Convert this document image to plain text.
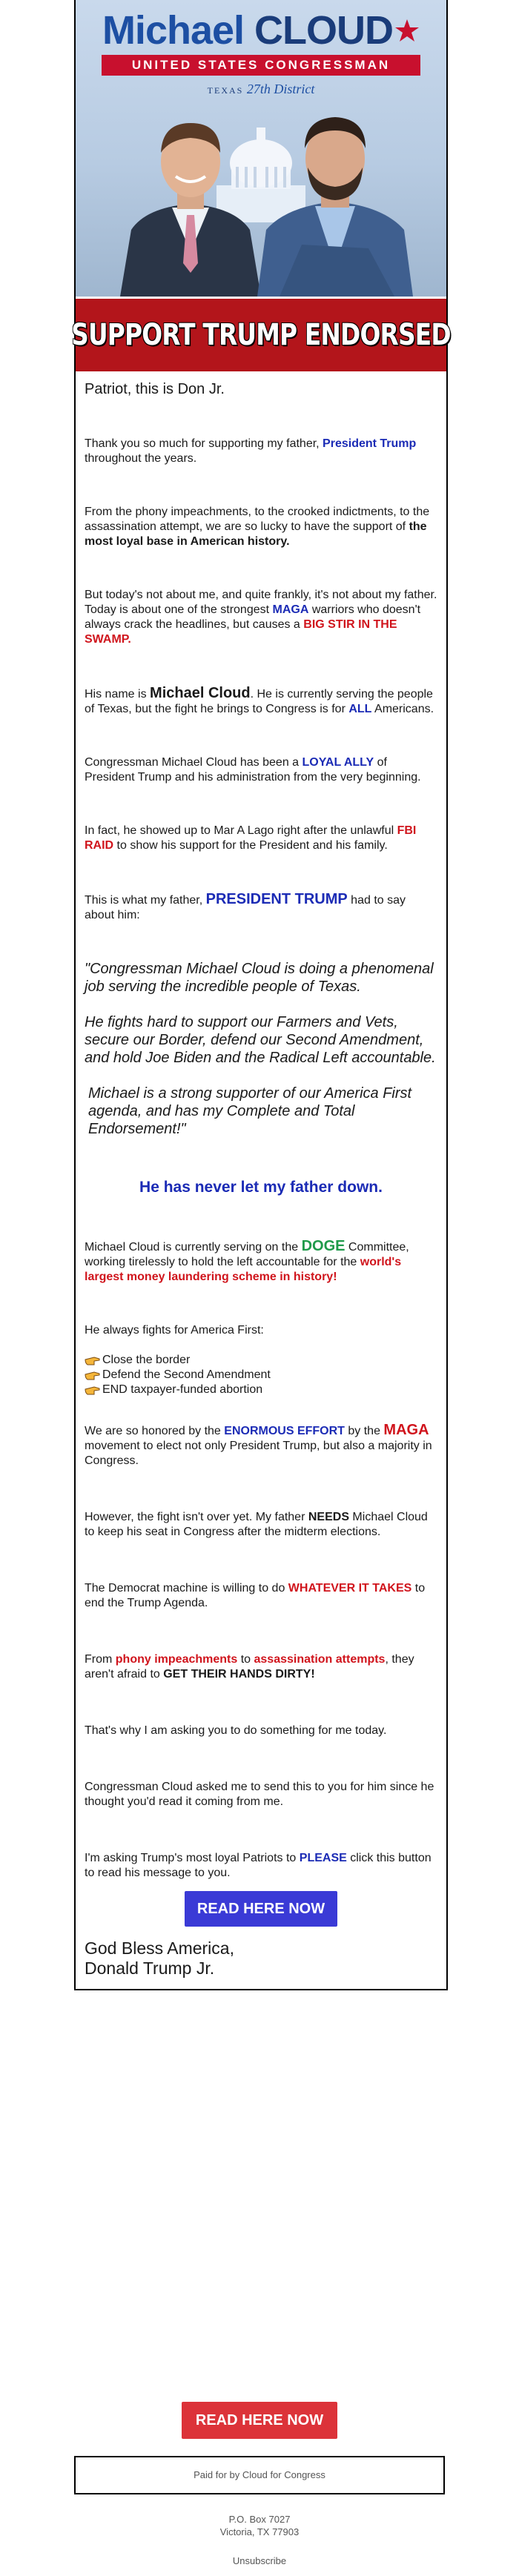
Michael CLOUD
UNITED STATES CONGRESSMAN
TEXAS 27th District
SUPPORT TRUMP ENDORSED

Patriot, this is Don Jr.

Thank you so much for supporting my father, President Trump throughout the years.

From the phony impeachments, to the crooked indictments, to the assassination attempt, we are so lucky to have the support of the most loyal base in American history.

But today's not about me, and quite frankly, it's not about my father. Today is about one of the strongest MAGA warriors who doesn't always crack the headlines, but causes a BIG STIR IN THE SWAMP.

His name is Michael Cloud. He is currently serving the people of Texas, but the fight he brings to Congress is for ALL Americans.

Congressman Michael Cloud has been a LOYAL ALLY of President Trump and his administration from the very beginning.

In fact, he showed up to Mar A Lago right after the unlawful FBI RAID to show his support for the President and his family.

This is what my father, PRESIDENT TRUMP had to say about him:

"Congressman Michael Cloud is doing a phenomenal job serving the incredible people of Texas.

He fights hard to support our Farmers and Vets, secure our Border, defend our Second Amendment, and hold Joe Biden and the Radical Left accountable.

Michael is a strong supporter of our America First agenda, and has my Complete and Total Endorsement!"

He has never let my father down.

Michael Cloud is currently serving on the DOGE Committee, working tirelessly to hold the left accountable for the world's largest money laundering scheme in history!

He always fights for America First:

Close the border
Defend the Second Amendment
END taxpayer-funded abortion

We are so honored by the ENORMOUS EFFORT by the MAGA movement to elect not only President Trump, but also a majority in Congress.

However, the fight isn't over yet. My father NEEDS Michael Cloud to keep his seat in Congress after the midterm elections.

The Democrat machine is willing to do WHATEVER IT TAKES to end the Trump Agenda.

From phony impeachments to assassination attempts, they aren't afraid to GET THEIR HANDS DIRTY!

That's why I am asking you to do something for me today.

Congressman Cloud asked me to send this to you for him since he thought you'd read it coming from me.

I'm asking Trump's most loyal Patriots to PLEASE click this button to read his message to you.

READ HERE NOW

God Bless America,

Donald Trump Jr.

READ HERE NOW
Paid for by Cloud for Congress
P.O. Box 7027
Victoria, TX 77903
Unsubscribe
